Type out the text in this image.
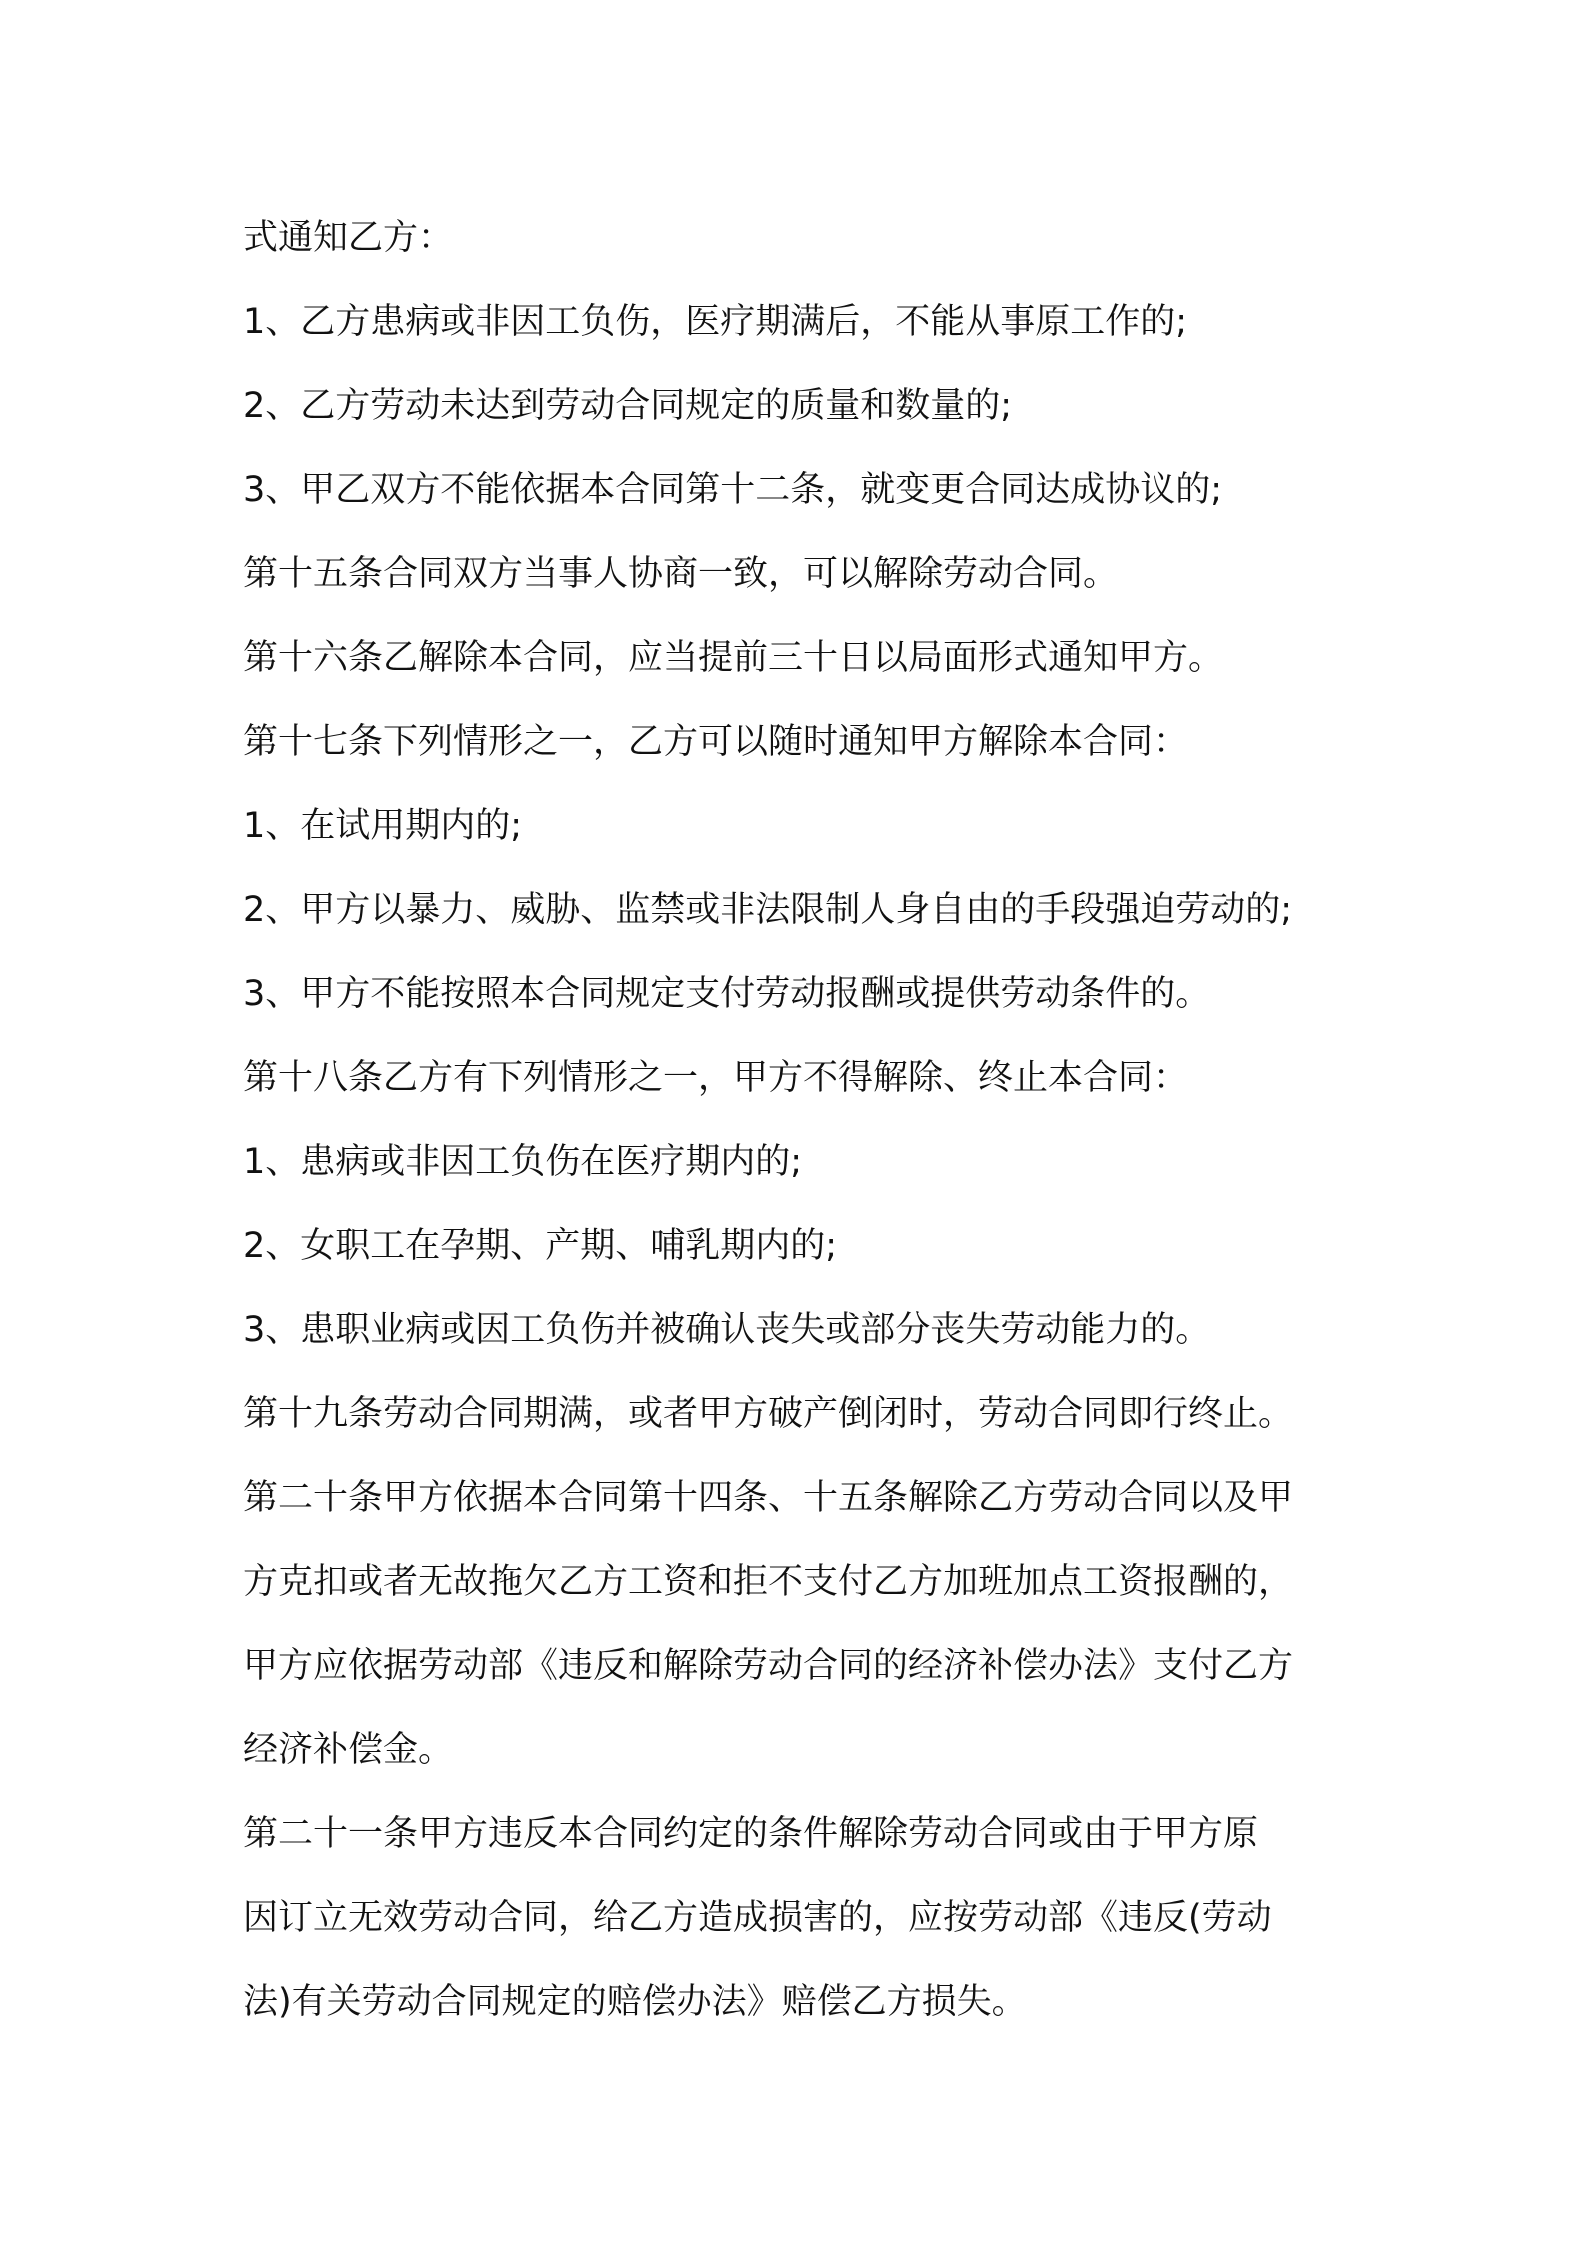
式通知乙方：
1、乙方患病或非因工负伤，医疗期满后，不能从事原工作的;
2、乙方劳动未达到劳动合同规定的质量和数量的;
3、甲乙双方不能依据本合同第十二条，就变更合同达成协议的;
第十五条合同双方当事人协商一致，可以解除劳动合同。
第十六条乙解除本合同，应当提前三十日以局面形式通知甲方。
第十七条下列情形之一，乙方可以随时通知甲方解除本合同：
1、在试用期内的;
2、甲方以暴力、威胁、监禁或非法限制人身自由的手段强迫劳动的;
3、甲方不能按照本合同规定支付劳动报酬或提供劳动条件的。
第十八条乙方有下列情形之一，甲方不得解除、终止本合同：
1、患病或非因工负伤在医疗期内的;
2、女职工在孕期、产期、哺乳期内的;
3、患职业病或因工负伤并被确认丧失或部分丧失劳动能力的。
第十九条劳动合同期满，或者甲方破产倒闭时，劳动合同即行终止。
第二十条甲方依据本合同第十四条、十五条解除乙方劳动合同以及甲
方克扣或者无故拖欠乙方工资和拒不支付乙方加班加点工资报酬的，
甲方应依据劳动部《违反和解除劳动合同的经济补偿办法》支付乙方
经济补偿金。
第二十一条甲方违反本合同约定的条件解除劳动合同或由于甲方原
因订立无效劳动合同，给乙方造成损害的，应按劳动部《违反(劳动
法)有关劳动合同规定的赔偿办法》赔偿乙方损失。
